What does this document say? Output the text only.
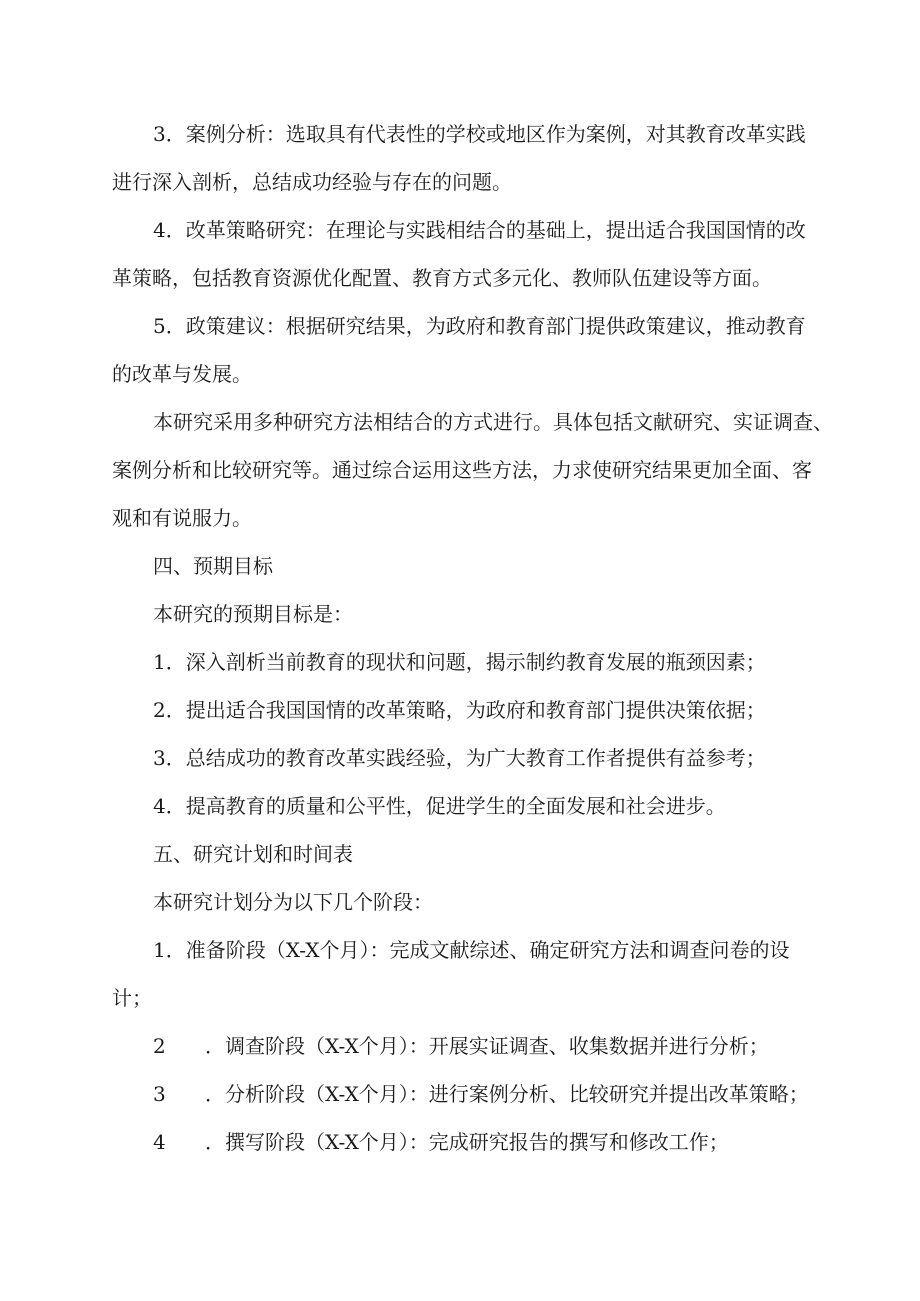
3．案例分析：选取具有代表性的学校或地区作为案例，对其教育改革实践
进行深入剖析，总结成功经验与存在的问题。
4．改革策略研究：在理论与实践相结合的基础上，提出适合我国国情的改
革策略，包括教育资源优化配置、教育方式多元化、教师队伍建设等方面。
5．政策建议：根据研究结果，为政府和教育部门提供政策建议，推动教育
的改革与发展。
本研究采用多种研究方法相结合的方式进行。具体包括文献研究、实证调查、
案例分析和比较研究等。通过综合运用这些方法，力求使研究结果更加全面、客
观和有说服力。
四、预期目标
本研究的预期目标是：
1．深入剖析当前教育的现状和问题，揭示制约教育发展的瓶颈因素；
2．提出适合我国国情的改革策略，为政府和教育部门提供决策依据；
3．总结成功的教育改革实践经验，为广大教育工作者提供有益参考；
4．提高教育的质量和公平性，促进学生的全面发展和社会进步。
五、研究计划和时间表
本研究计划分为以下几个阶段：
1．准备阶段（X-X个月）：完成文献综述、确定研究方法和调查问卷的设
计；
2 ．调查阶段（X-X个月）：开展实证调查、收集数据并进行分析；
3 ．分析阶段（X-X个月）：进行案例分析、比较研究并提出改革策略；
4 ．撰写阶段（X-X个月）：完成研究报告的撰写和修改工作；
